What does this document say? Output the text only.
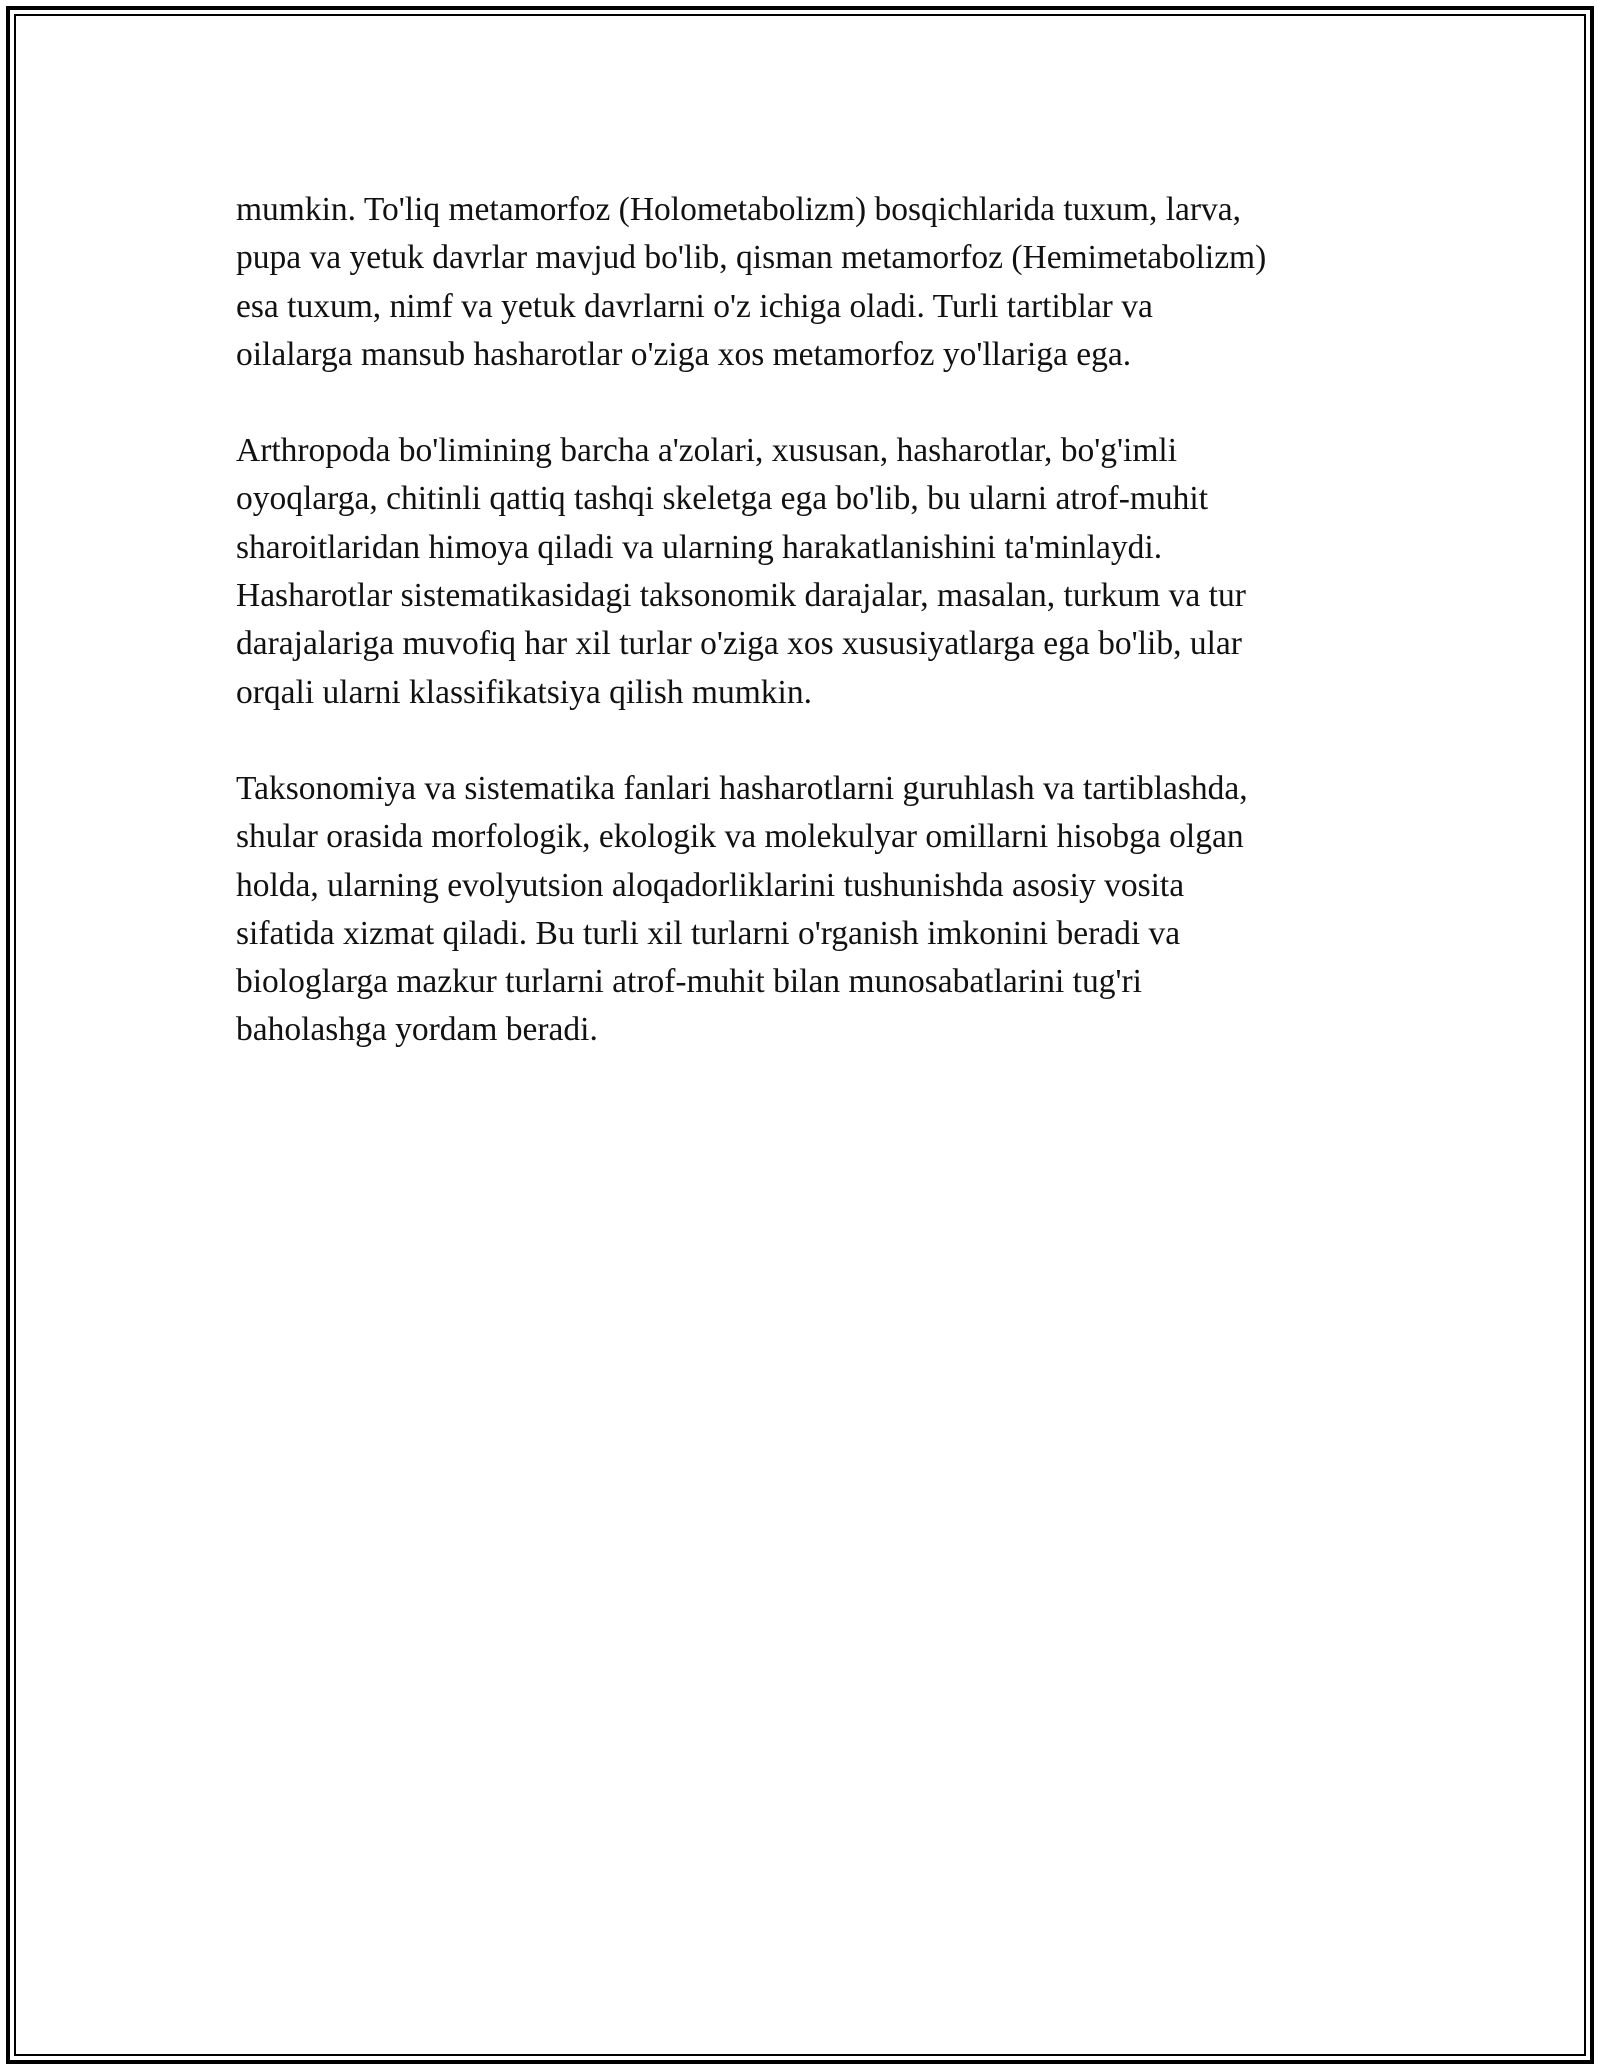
mumkin. To'liq metamorfoz (Holometabolizm) bosqichlarida tuxum, larva,
pupa va yetuk davrlar mavjud bo'lib, qisman metamorfoz (Hemimetabolizm)
esa tuxum, nimf va yetuk davrlarni o'z ichiga oladi. Turli tartiblar va
oilalarga mansub hasharotlar o'ziga xos metamorfoz yo'llariga ega.

Arthropoda bo'limining barcha a'zolari, xususan, hasharotlar, bo'g'imli
oyoqlarga, chitinli qattiq tashqi skeletga ega bo'lib, bu ularni atrof-muhit
sharoitlaridan himoya qiladi va ularning harakatlanishini ta'minlaydi.
Hasharotlar sistematikasidagi taksonomik darajalar, masalan, turkum va tur
darajalariga muvofiq har xil turlar o'ziga xos xususiyatlarga ega bo'lib, ular
orqali ularni klassifikatsiya qilish mumkin.

Taksonomiya va sistematika fanlari hasharotlarni guruhlash va tartiblashda,
shular orasida morfologik, ekologik va molekulyar omillarni hisobga olgan
holda, ularning evolyutsion aloqadorliklarini tushunishda asosiy vosita
sifatida xizmat qiladi. Bu turli xil turlarni o'rganish imkonini beradi va
biologlarga mazkur turlarni atrof-muhit bilan munosabatlarini tug'ri
baholashga yordam beradi.
